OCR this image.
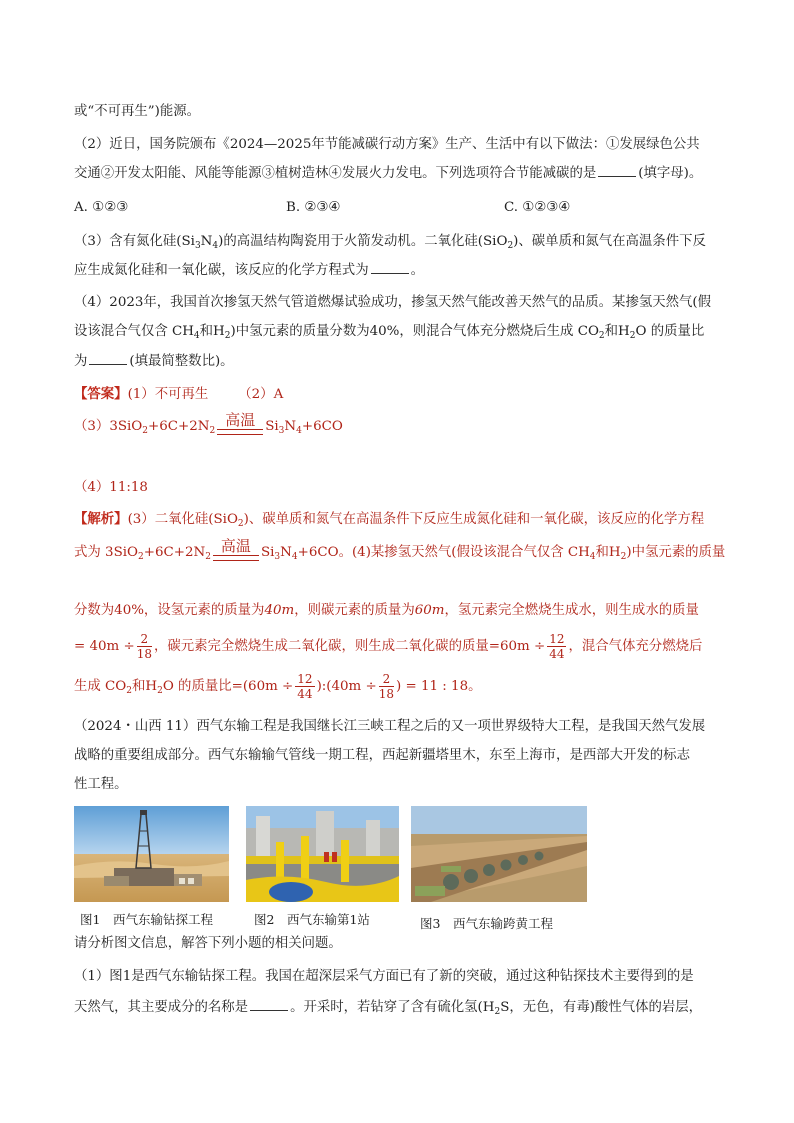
或“不可再生”)能源。
（2）近日，国务院颁布《2024—2025年节能减碳行动方案》生产、生活中有以下做法：①发展绿色公共
交通②开发太阳能、风能等能源③植树造林④发展火力发电。下列选项符合节能减碳的是	(填字母)。
A. ①②③	B. ②③④	C. ①②③④
（3）含有氮化硅$(Si_3N_4)$的高温结构陶瓷用于火箭发动机。二氧化硅(SiO$_2$)、碳单质和氮气在高温条件下反
应生成氮化硅和一氧化碳，该反应的化学方程式为	。
（4）2023年，我国首次掺氢天然气管道燃爆试验成功，掺氢天然气能改善天然气的品质。某掺氢天然气(假
设该混合气仅含 $CH_4$和$H_2$)中氢元素的质量分数为40%，则混合气体充分燃烧后生成 $CO_2$和$H_2O$ 的质量比
为	(填最简整数比)。
【答案】(1）不可再生 （2）A
$(3)3SiO_2+6C+2N_2$
高温 $Si_3N_4+6CO$
（4）11:18
【解析】(3）二氧化硅(SiO$_2$)、碳单质和氮气在高温条件下反应生成氮化硅和一氧化碳，该反应的化学方程
式为 $3SiO_2+6C+2N_2$
高温 $Si_3N_4+6CO$。(4)某掺氢天然气(假设该混合气仅含 $CH_4$和$H_2$)中氢元素的质量
分数为40%，设氢元素的质量为40m，则碳元素的质量为60m，氢元素完全燃烧生成水，则生成水的质量
= $40m \div \frac{2}{18}$ ，碳元素完全燃烧生成二氧化碳，则生成二氧化碳的质量$=60m \div \frac{12}{44}$ ，混合气体充分燃烧后
生成 $CO_2$和$H_2O$ 的质量比$=(60m \div \frac{12}{44}$ ):(40m ÷ $\frac{2}{18}$ ) = 11 : 18。
（2024・山西 11）西气东输工程是我国继长江三峡工程之后的又一项世界级特大工程，是我国天然气发展
战略的重要组成部分。西气东输输气管线一期工程，西起新疆塔里木，东至上海市，是西部大开发的标志
性工程。
图1　西气东输钻探工程	图2　西气东输第1站	图3　西气东输跨黄工程
请分析图文信息，解答下列小题的相关问题。
（1）图1是西气东输钻探工程。我国在超深层采气方面已有了新的突破，通过这种钻探技术主要得到的是
天然气，其主要成分的名称是	。开采时，若钻穿了含有硫化氢($H_2S$，无色，有毒)酸性气体的岩层，
